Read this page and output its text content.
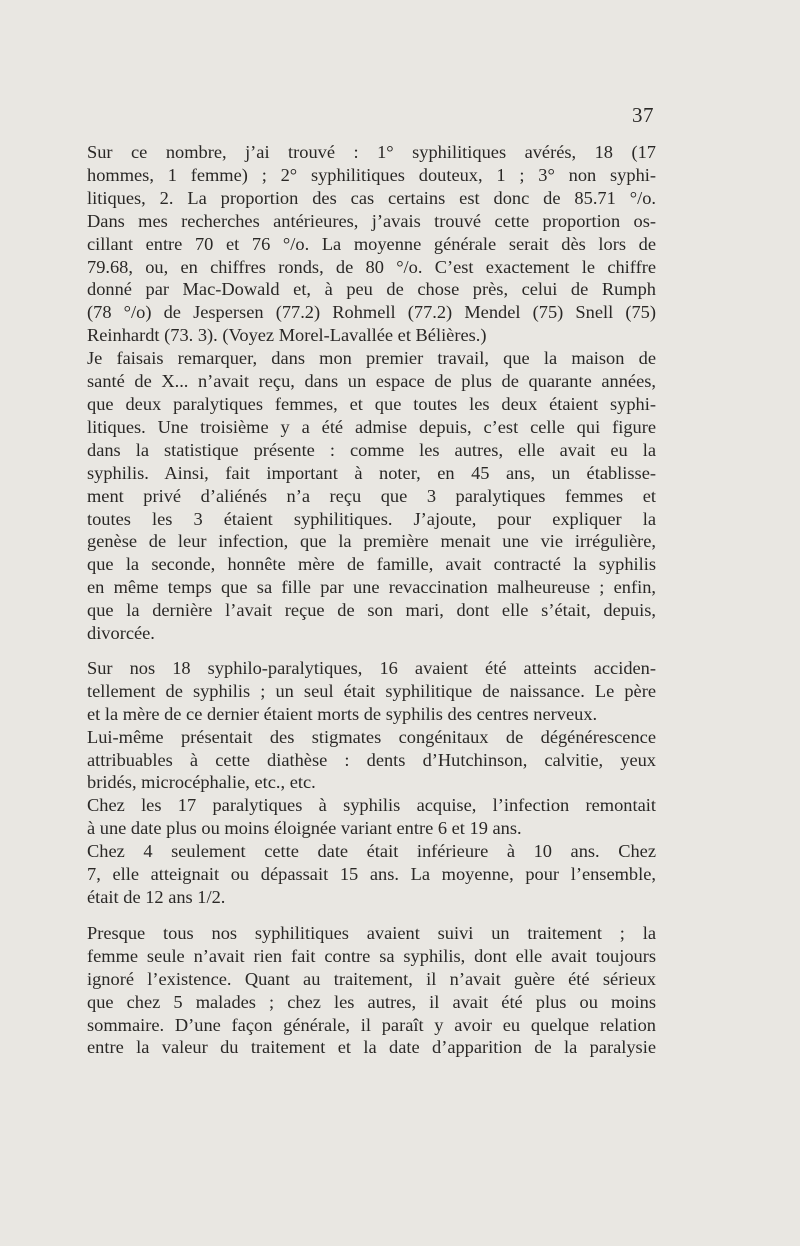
37
Sur ce nombre, j’ai trouvé : 1° syphilitiques avérés, 18 (17
hommes, 1 femme) ; 2° syphilitiques douteux, 1 ; 3° non syphi-
litiques, 2. La proportion des cas certains est donc de 85.71 °/o.
Dans mes recherches antérieures, j’avais trouvé cette proportion os-
cillant entre 70 et 76 °/o. La moyenne générale serait dès lors de
79.68, ou, en chiffres ronds, de 80 °/o. C’est exactement le chiffre
donné par Mac-Dowald et, à peu de chose près, celui de Rumph
(78 °/o) de Jespersen (77.2) Rohmell (77.2) Mendel (75) Snell (75)
Reinhardt (73. 3). (Voyez Morel-Lavallée et Bélières.)
Je faisais remarquer, dans mon premier travail, que la maison de
santé de X... n’avait reçu, dans un espace de plus de quarante années,
que deux paralytiques femmes, et que toutes les deux étaient syphi-
litiques. Une troisième y a été admise depuis, c’est celle qui figure
dans la statistique présente : comme les autres, elle avait eu la
syphilis. Ainsi, fait important à noter, en 45 ans, un établisse-
ment privé d’aliénés n’a reçu que 3 paralytiques femmes et
toutes les 3 étaient syphilitiques. J’ajoute, pour expliquer la
genèse de leur infection, que la première menait une vie irrégulière,
que la seconde, honnête mère de famille, avait contracté la syphilis
en même temps que sa fille par une revaccination malheureuse ; enfin,
que la dernière l’avait reçue de son mari, dont elle s’était, depuis,
divorcée.
Sur nos 18 syphilo-paralytiques, 16 avaient été atteints acciden-
tellement de syphilis ; un seul était syphilitique de naissance. Le père
et la mère de ce dernier étaient morts de syphilis des centres nerveux.
Lui-même présentait des stigmates congénitaux de dégénérescence
attribuables à cette diathèse : dents d’Hutchinson, calvitie, yeux
bridés, microcéphalie, etc., etc.
Chez les 17 paralytiques à syphilis acquise, l’infection remontait
à une date plus ou moins éloignée variant entre 6 et 19 ans.
Chez 4 seulement cette date était inférieure à 10 ans. Chez
7, elle atteignait ou dépassait 15 ans. La moyenne, pour l’ensemble,
était de 12 ans 1/2.
Presque tous nos syphilitiques avaient suivi un traitement ; la
femme seule n’avait rien fait contre sa syphilis, dont elle avait toujours
ignoré l’existence. Quant au traitement, il n’avait guère été sérieux
que chez 5 malades ; chez les autres, il avait été plus ou moins
sommaire. D’une façon générale, il paraît y avoir eu quelque relation
entre la valeur du traitement et la date d’apparition de la paralysie
